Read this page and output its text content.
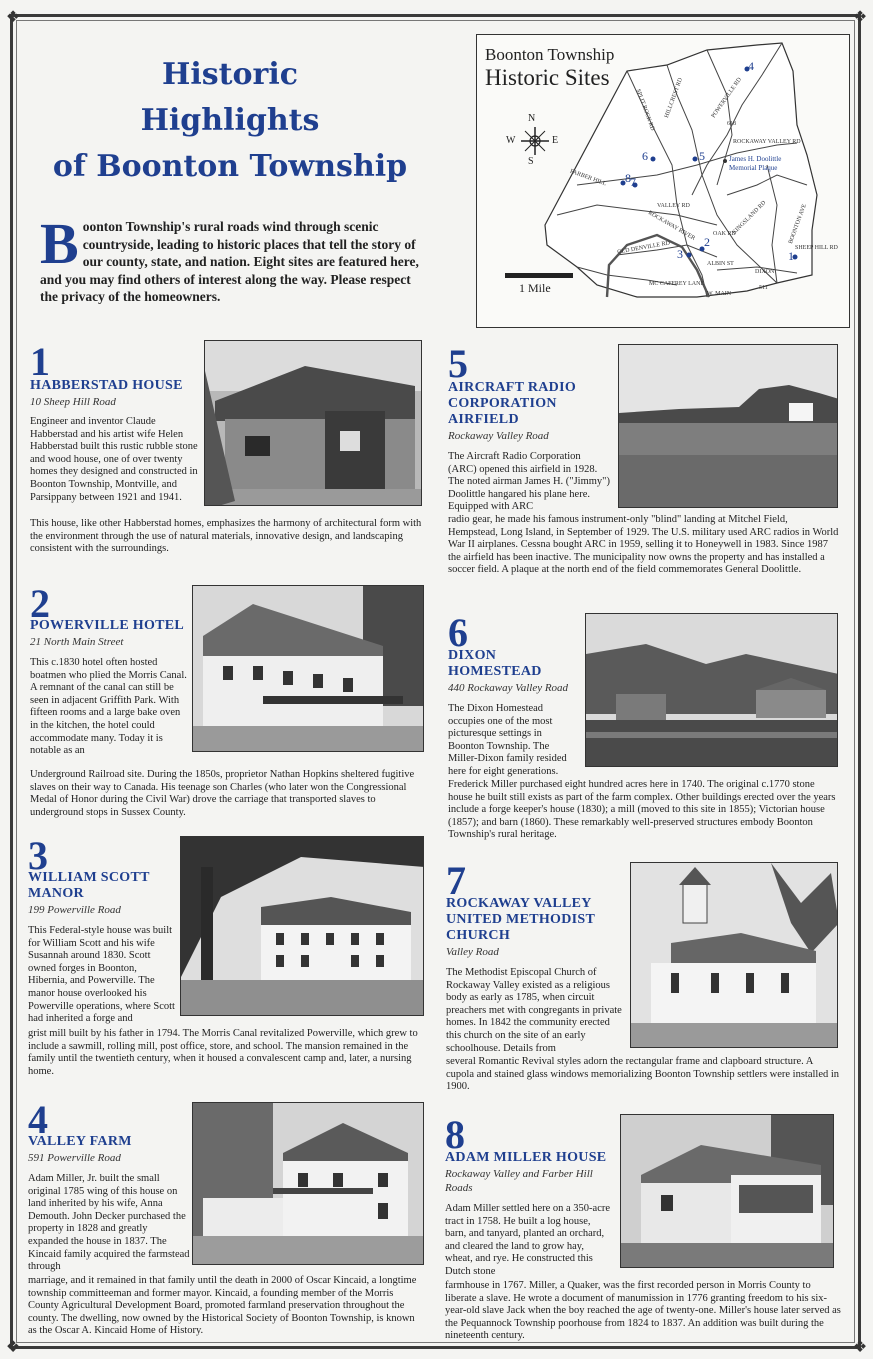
❖	❖
❖	❖
Historic
Highlights
of Boonton Township
Boonton Township's rural roads wind through scenic countryside, leading to historic places that tell the story of our county, state, and nation. Eight sites are featured here, and you may find others of interest along the way. Please respect the privacy of the homeowners.
Boonton Township
Historic Sites
N
E
S
W
1 Mile
James H. Doolittle
Memorial Plaque
4
5
6
7
8
2
3	1
HILLCREST RD
SPLIT ROCK RD	POWERVILLE RD
ROCKAWAY VALLEY RD
BOONTON AVE
KINGSLAND RD
SHEEP HILL RD
VALLEY RD
FARBER HILL
OLD DENVILLE RD
ROCKAWAY RIVER
MC CAFFREY LANE
W. MAIN
OAK RD
ALBIN ST
DIXON
618
511
1
HABBERSTAD HOUSE
10 Sheep Hill Road
Engineer and inventor Claude Habberstad and his artist wife Helen Habberstad built this rustic rubble stone and wood house, one of over twenty homes they designed and constructed in Boonton Township, Montville, and Parsippany between 1921 and 1941.
This house, like other Habberstad homes, emphasizes the harmony of architectural form with the environment through the use of natural materials, innovative design, and landscaping consistent with the surroundings.
2
POWERVILLE HOTEL
21 North Main Street
This c.1830 hotel often hosted boatmen who plied the Morris Canal. A remnant of the canal can still be seen in adjacent Griffith Park. With fifteen rooms and a large bake oven in the kitchen, the hotel could accommodate many. Today it is notable as an
Underground Railroad site. During the 1850s, proprietor Nathan Hopkins sheltered fugitive slaves on their way to Canada. His teenage son Charles (who later won the Congressional Medal of Honor during the Civil War) drove the carriage that transported slaves to underground stops in Sussex County.
3
WILLIAM SCOTT
MANOR
199 Powerville Road
This Federal-style house was built for William Scott and his wife Susannah around 1830. Scott owned forges in Boonton, Hibernia, and Powerville. The manor house overlooked his Powerville operations, where Scott had inherited a forge and
grist mill built by his father in 1794. The Morris Canal revitalized Powerville, which grew to include a sawmill, rolling mill, post office, store, and school. The mansion remained in the family until the twentieth century, when it housed a convalescent camp and, later, a nursing home.
4
VALLEY FARM
591 Powerville Road
Adam Miller, Jr. built the small original 1785 wing of this house on land inherited by his wife, Anna Demouth. John Decker purchased the property in 1828 and greatly expanded the house in 1837. The Kincaid family acquired the farmstead through
marriage, and it remained in that family until the death in 2000 of Oscar Kincaid, a longtime township committeeman and former mayor. Kincaid, a founding member of the Morris County Agricultural Development Board, promoted farmland preservation throughout the county. The dwelling, now owned by the Historical Society of Boonton Township, is known as the Oscar A. Kincaid Home of History.
5
AIRCRAFT RADIO
CORPORATION
AIRFIELD
Rockaway Valley Road
The Aircraft Radio Corporation (ARC) opened this airfield in 1928. The noted airman James H. ("Jimmy") Doolittle hangared his plane here. Equipped with ARC
radio gear, he made his famous instrument-only "blind" landing at Mitchel Field, Hempstead, Long Island, in September of 1929. The U.S. military used ARC radios in World War II airplanes. Cessna bought ARC in 1959, selling it to Honeywell in 1983. Since 1987 the airfield has been inactive. The municipality now owns the property and has installed a soccer field. A plaque at the north end of the field commemorates General Doolittle.
6
DIXON
HOMESTEAD
440 Rockaway Valley Road
The Dixon Homestead occupies one of the most picturesque settings in Boonton Township. The Miller-Dixon family resided here for eight generations.
Frederick Miller purchased eight hundred acres here in 1740. The original c.1770 stone house he built still exists as part of the farm complex. Other buildings erected over the years include a forge keeper's house (1830); a mill (moved to this site in 1855); Victorian house (1857); and barn (1860). These remarkably well-preserved structures embody Boonton Township's rural heritage.
7
ROCKAWAY VALLEY
UNITED METHODIST
CHURCH
Valley Road
The Methodist Episcopal Church of Rockaway Valley existed as a religious body as early as 1785, when circuit preachers met with congregants in private homes. In 1842 the community erected this church on the site of an early schoolhouse. Details from
several Romantic Revival styles adorn the rectangular frame and clapboard structure. A cupola and stained glass windows memorializing Boonton Township settlers were installed in 1900.
8
ADAM MILLER HOUSE
Rockaway Valley and Farber Hill
Roads
Adam Miller settled here on a 350-acre tract in 1758. He built a log house, barn, and tanyard, planted an orchard, and cleared the land to grow hay, wheat, and rye. He constructed this Dutch stone
farmhouse in 1767. Miller, a Quaker, was the first recorded person in Morris County to liberate a slave. He wrote a document of manumission in 1776 granting freedom to his six-year-old slave Jack when the boy reached the age of twenty-one. Miller's house later served as the Pequannock Township poorhouse from 1824 to 1837. An addition was built during the nineteenth century.
